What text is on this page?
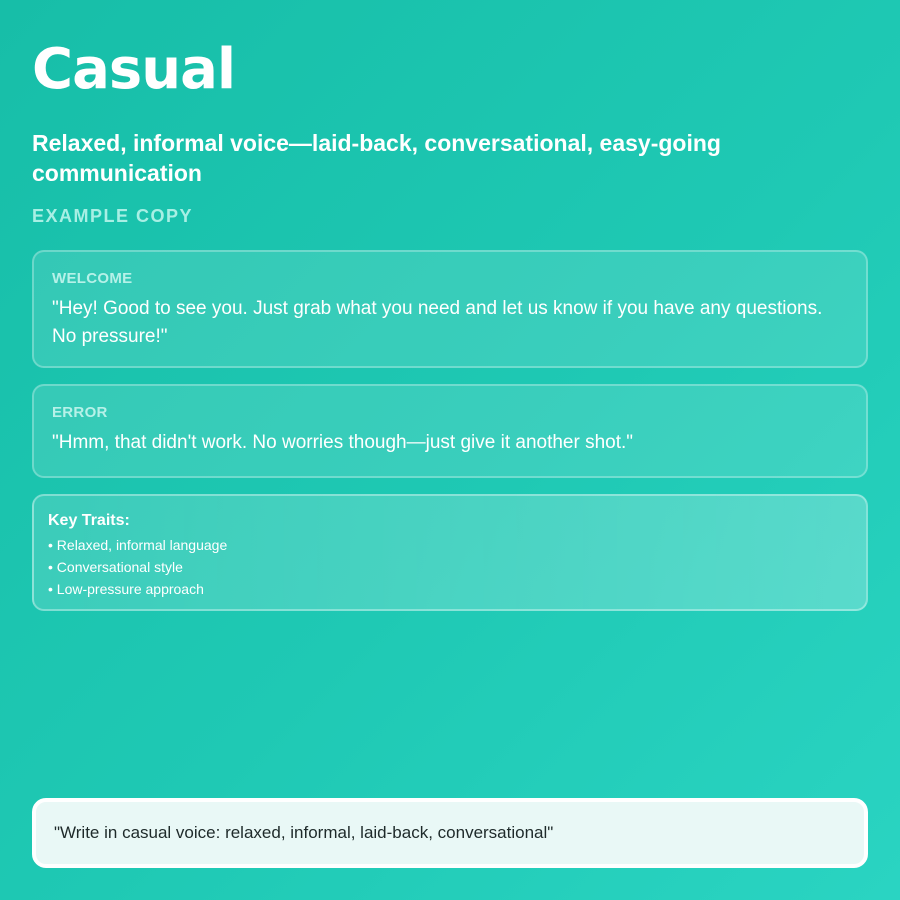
Casual

Relaxed, informal voice—laid-back, conversational, easy-going communication

EXAMPLE COPY
WELCOME
"Hey! Good to see you. Just grab what you need and let us know if you have any questions. No pressure!"
ERROR
"Hmm, that didn't work. No worries though—just give it another shot."
Key Traits:
• Relaxed, informal language
• Conversational style
• Low-pressure approach
"Write in casual voice: relaxed, informal, laid-back, conversational"
